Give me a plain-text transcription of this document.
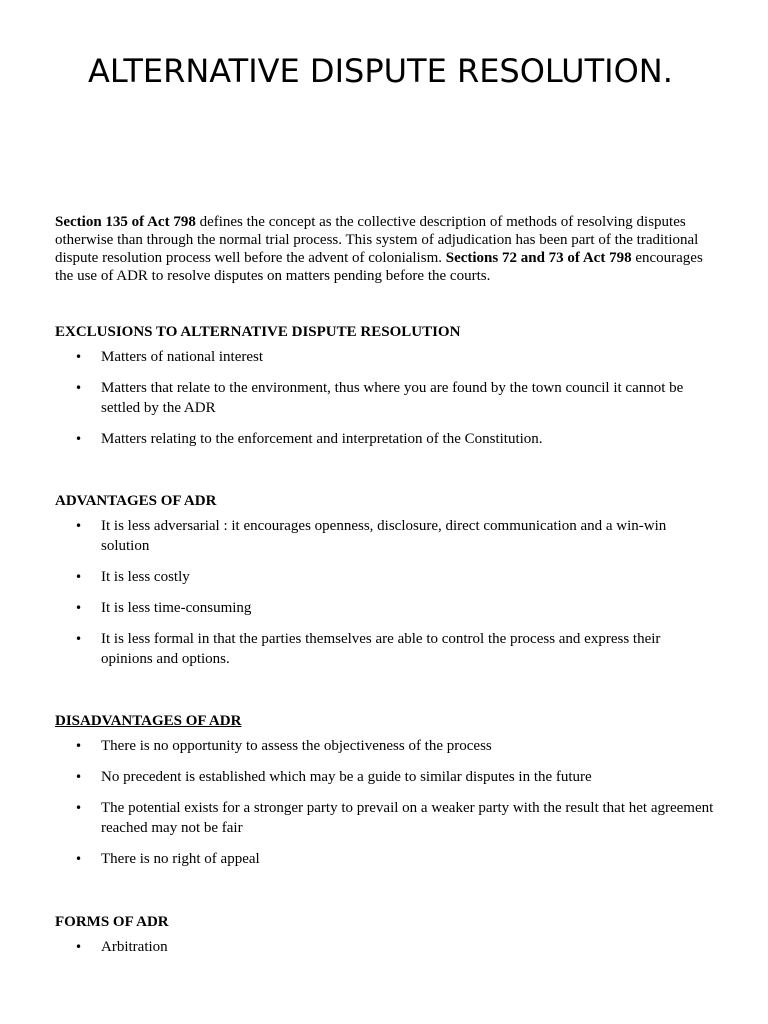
ALTERNATIVE DISPUTE RESOLUTION.

Section 135 of Act 798 defines the concept as the collective description of methods of resolving disputes otherwise than through the normal trial process. This system of adjudication has been part of the traditional dispute resolution process well before the advent of colonialism. Sections 72 and 73 of Act 798 encourages the use of ADR to resolve disputes on matters pending before the courts.

EXCLUSIONS TO ALTERNATIVE DISPUTE RESOLUTION
• Matters of national interest
• Matters that relate to the environment, thus where you are found by the town council it cannot be settled by the ADR
• Matters relating to the enforcement and interpretation of the Constitution.
ADVANTAGES OF ADR
• It is less adversarial : it encourages openness, disclosure, direct communication and a win-win solution
• It is less costly
• It is less time-consuming
• It is less formal in that the parties themselves are able to control the process and express their opinions and options.
DISADVANTAGES OF ADR
• There is no opportunity to assess the objectiveness of the process
• No precedent is established which may be a guide to similar disputes in the future
• The potential exists for a stronger party to prevail on a weaker party with the result that het agreement reached may not be fair
• There is no right of appeal
FORMS OF ADR
• Arbitration
